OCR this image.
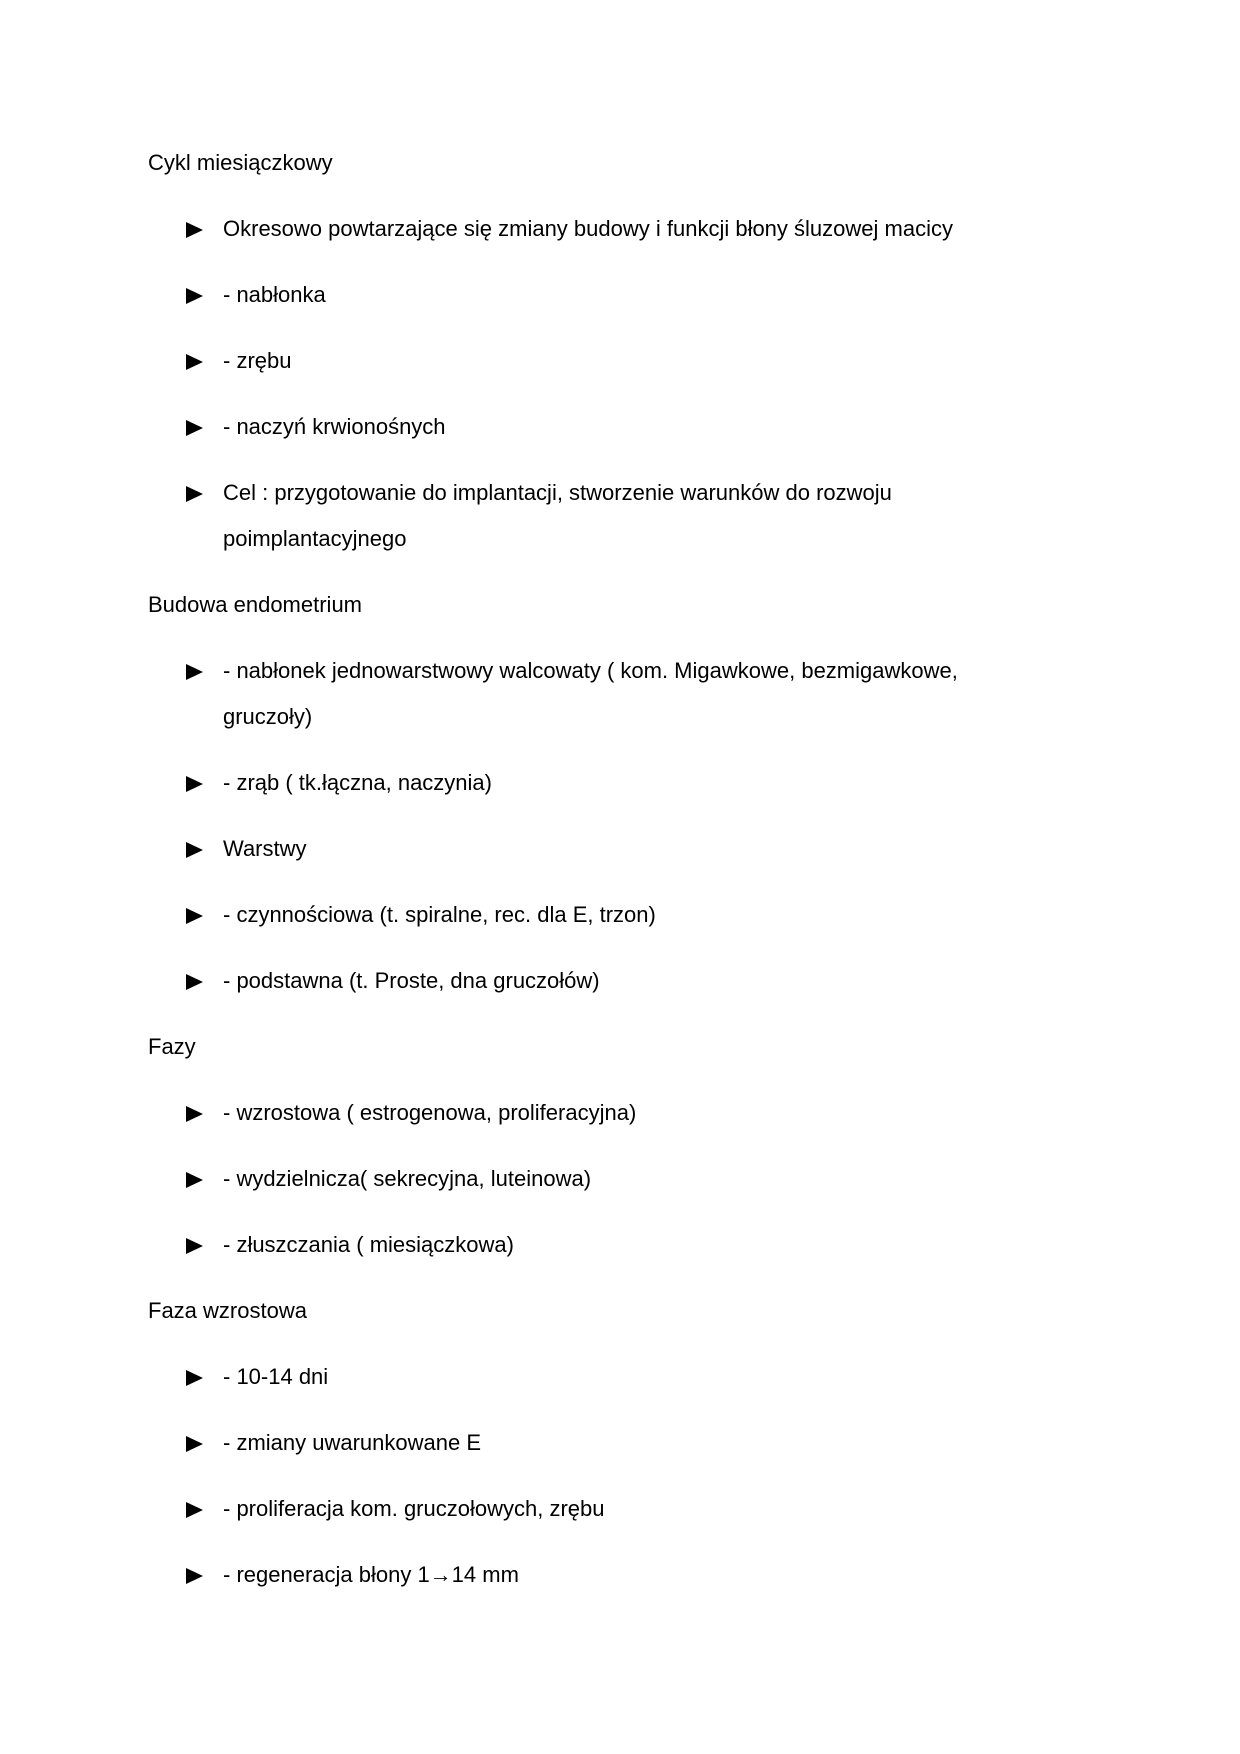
Cykl miesiączkowy
Okresowo powtarzające się zmiany budowy i funkcji błony śluzowej macicy
- nabłonka
- zrębu
- naczyń krwionośnych
Cel : przygotowanie do implantacji, stworzenie warunków do rozwoju poimplantacyjnego
Budowa endometrium
- nabłonek jednowarstwowy walcowaty ( kom. Migawkowe, bezmigawkowe, gruczoły)
- zrąb ( tk.łączna, naczynia)
Warstwy
- czynnościowa (t. spiralne, rec. dla E, trzon)
- podstawna (t. Proste, dna gruczołów)
Fazy
- wzrostowa ( estrogenowa, proliferacyjna)
- wydzielnicza( sekrecyjna, luteinowa)
- złuszczania ( miesiączkowa)
Faza wzrostowa
- 10-14 dni
- zmiany uwarunkowane E
- proliferacja kom. gruczołowych, zrębu
- regeneracja błony 1→14 mm
